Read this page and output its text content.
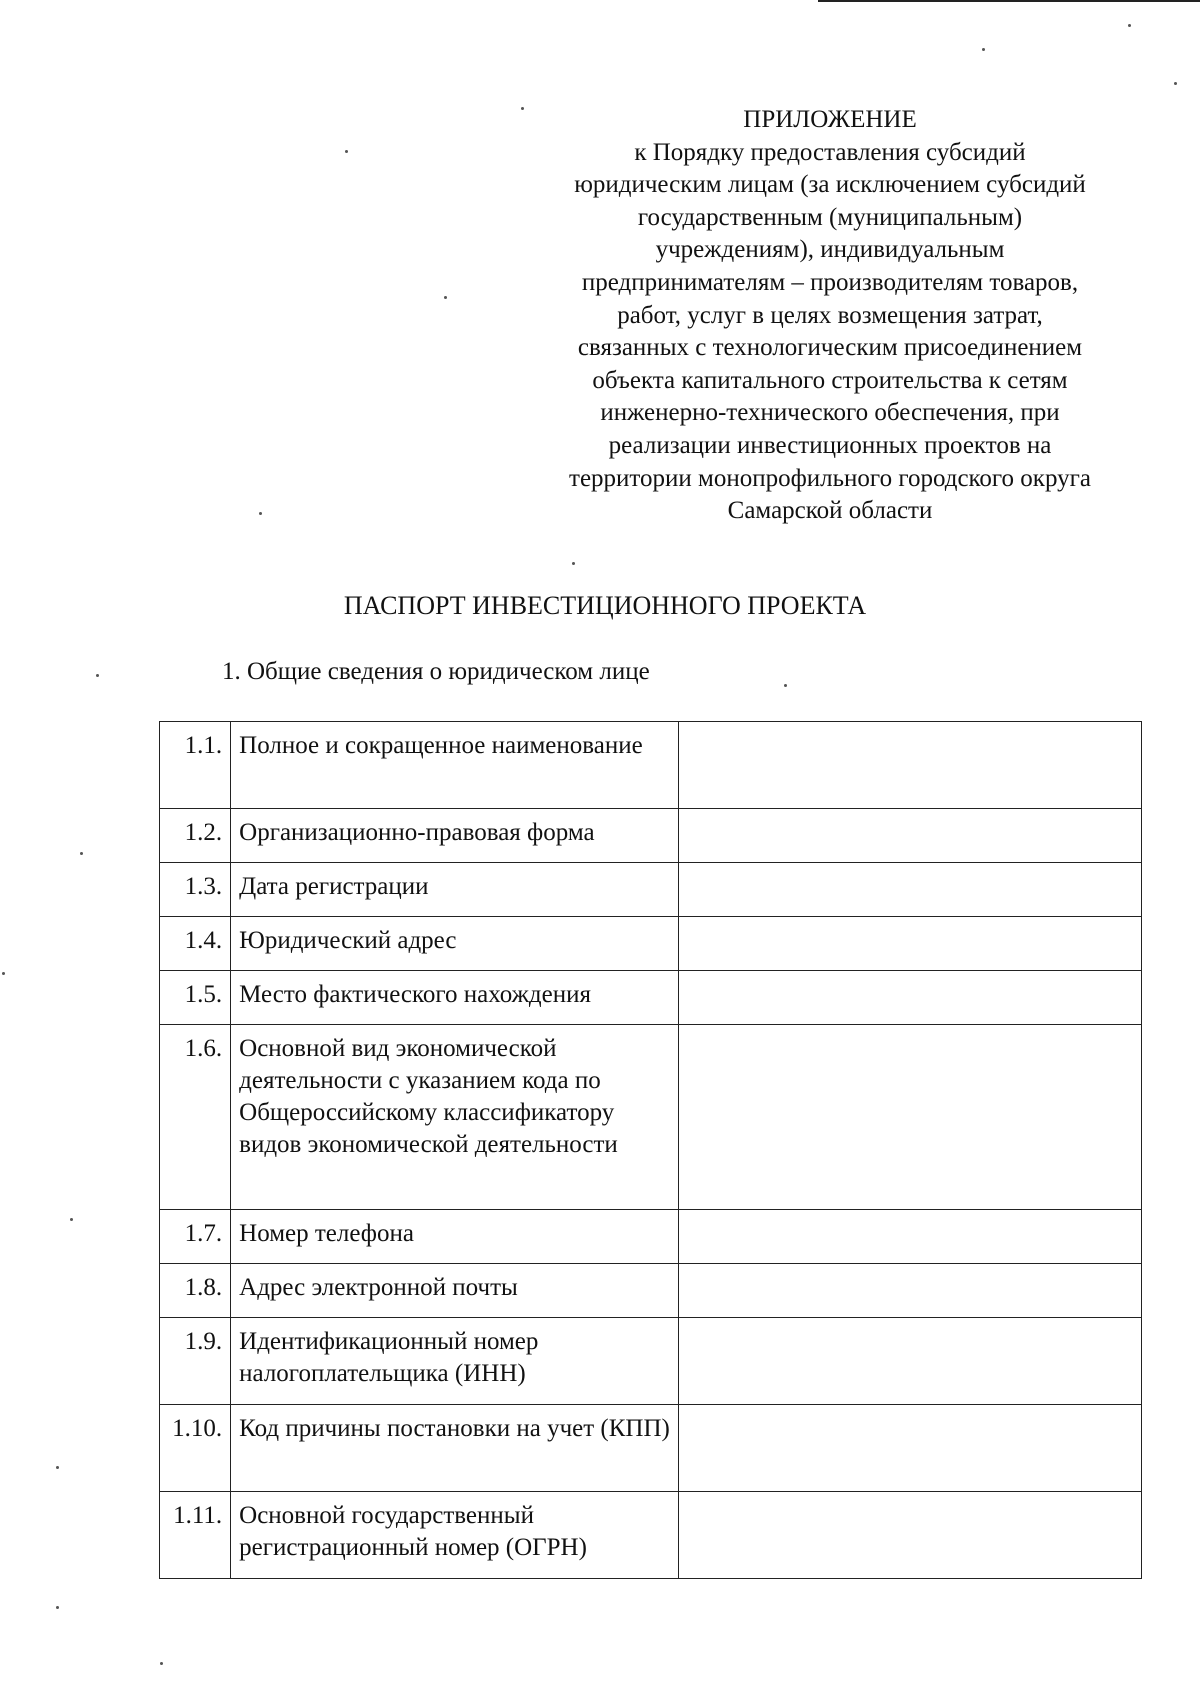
ПРИЛОЖЕНИЕ
к Порядку предоставления субсидий
юридическим лицам (за исключением субсидий
государственным (муниципальным)
учреждениям), индивидуальным
предпринимателям – производителям товаров,
работ, услуг в целях возмещения затрат,
связанных с технологическим присоединением
объекта капитального строительства к сетям
инженерно-технического обеспечения, при
реализации инвестиционных проектов на
территории монопрофильного городского округа
Самарской области
ПАСПОРТ ИНВЕСТИЦИОННОГО ПРОЕКТА
1. Общие сведения о юридическом лице
1.1.	Полное и сокращенное наименование	
1.2.	Организационно-правовая форма	
1.3.	Дата регистрации	
1.4.	Юридический адрес	
1.5.	Место фактического нахождения	
1.6.	Основной вид экономической деятельности с указанием кода по Общероссийскому классификатору видов экономической деятельности	
1.7.	Номер телефона	
1.8.	Адрес электронной почты	
1.9.	Идентификационный номер налогоплательщика (ИНН)	
1.10.	Код причины постановки на учет (КПП)	
1.11.	Основной государственный регистрационный номер (ОГРН)	
